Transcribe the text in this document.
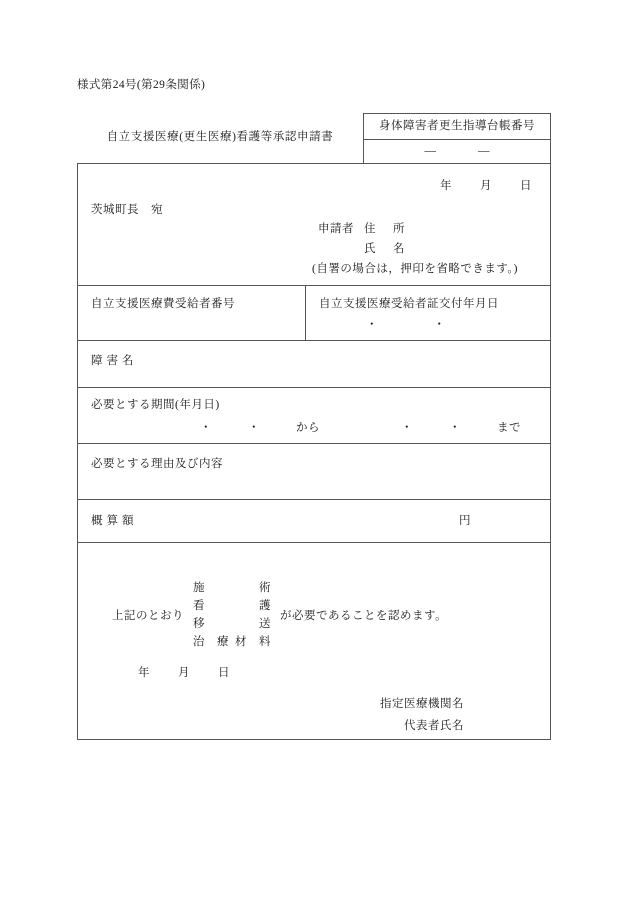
様式第24号(第29条関係)
自立支援医療(更生医療)看護等承認申請書
身体障害者更生指導台帳番号
—	—
年 月 日
茨城町長　宛
申請者 住　所
氏　名
(自署の場合は，押印を省略できます。)
自立支援医療費受給者番号	自立支援医療受給者証交付年月日
・	・
障害名
必要とする期間(年月日)
・	・	から	・	・	まで
必要とする理由及び内容
概算額	円
上記のとおり
施	術
看	護
移	送
治　療 材　料
が必要であることを認めます。
年 月 日
指定医療機関名
代表者氏名
